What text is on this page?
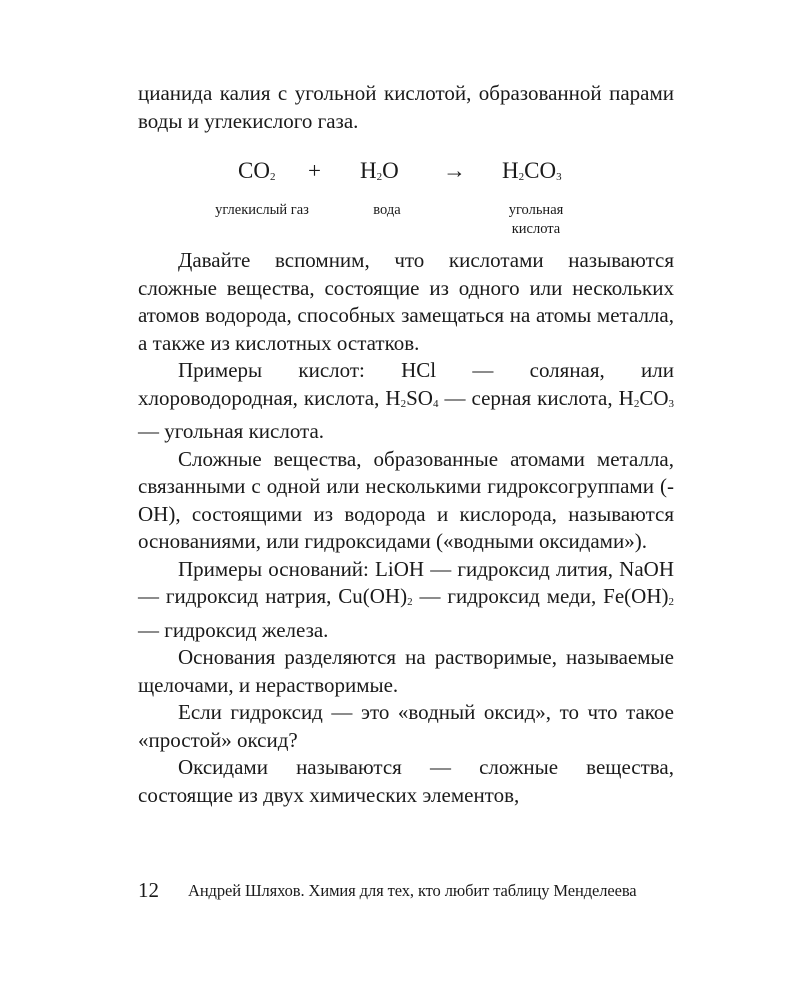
цианида калия с угольной кислотой, образованной парами воды и углекислого газа.

$CO_2 + H_2O \to H_2CO_3$
углекислый газ	вода	угольная кислота

Давайте вспомним, что кислотами называются сложные вещества, состоящие из одного или нескольких атомов водорода, способных замещаться на атомы металла, а также из кислотных остатков.

Примеры кислот: HCl — соляная, или хлороводородная, кислота, $H_2SO_4$ — серная кислота, $H_2CO_3$ — угольная кислота.

Сложные вещества, образованные атомами металла, связанными с одной или несколькими гидроксогруппами (-OH), состоящими из водорода и кислорода, называются основаниями, или гидроксидами («водными оксидами»).

Примеры оснований: LiOH — гидроксид лития, NaOH — гидроксид натрия, $Cu(OH)_2$ — гидроксид меди, $Fe(OH)_2$ — гидроксид железа.

Основания разделяются на растворимые, называемые щелочами, и нерастворимые.

Если гидроксид — это «водный оксид», то что такое «простой» оксид?

Оксидами называются — сложные вещества, состоящие из двух химических элементов,

12 Андрей Шляхов. Химия для тех, кто любит таблицу Менделеева
